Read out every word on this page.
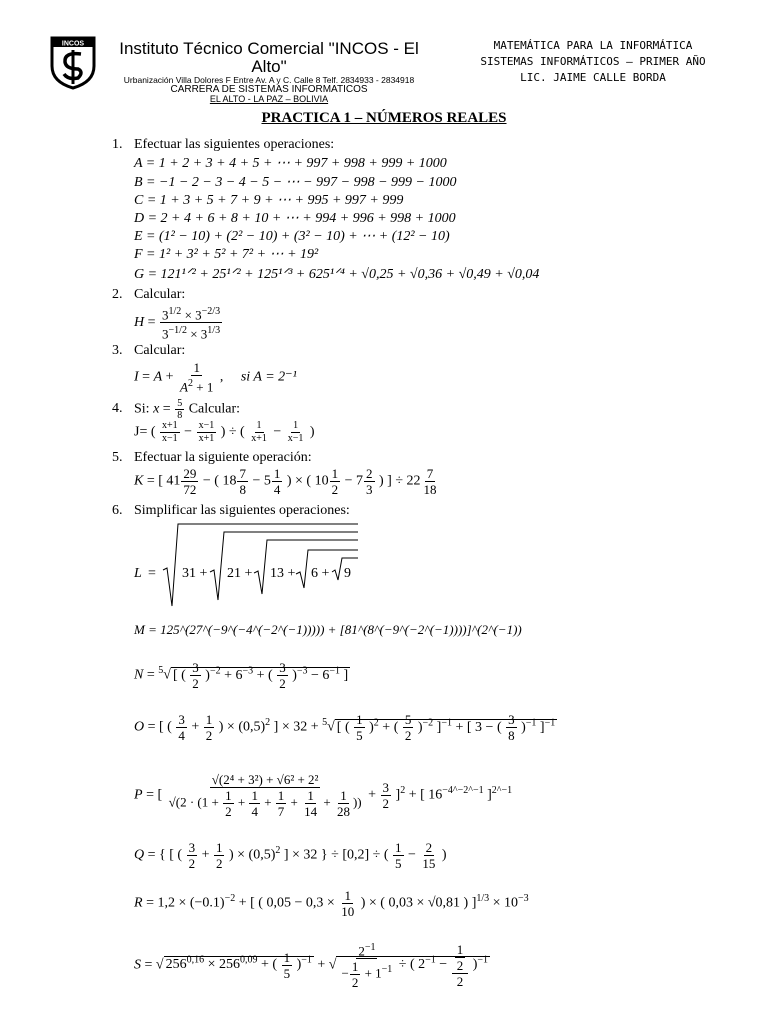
INCOS	Instituto Técnico Comercial "INCOS - El Alto"
Urbanización Villa Dolores F Entre Av. A y C. Calle 8 Telf. 2834933 - 2834918
CARRERA DE SISTEMAS INFORMATICOS
EL ALTO - LA PAZ – BOLIVIA
MATEMÁTICA PARA LA INFORMÁTICA
SISTEMAS INFORMÁTICOS – PRIMER AÑO
LIC. JAIME CALLE BORDA
PRACTICA 1 – NÚMEROS REALES
1. Efectuar las siguientes operaciones:
A = 1 + 2 + 3 + 4 + 5 + ⋯ + 997 + 998 + 999 + 1000
B = −1 − 2 − 3 − 4 − 5 − ⋯ − 997 − 998 − 999 − 1000
C = 1 + 3 + 5 + 7 + 9 + ⋯ + 995 + 997 + 999
D = 2 + 4 + 6 + 8 + 10 + ⋯ + 994 + 996 + 998 + 1000
E = (1² − 10) + (2² − 10) + (3² − 10) + ⋯ + (12² − 10)
F = 1² + 3² + 5² + 7² + ⋯ + 19²
G = 121¹ᐟ² + 25¹ᐟ² + 125¹ᐟ³ + 625¹ᐟ⁴ + √0,25 + √0,36 + √0,49 + √0,04
2. Calcular:
$H = \frac{3^{1/2} \times 3^{-2/3}}{3^{-1/2} \times 3^{1/3}}$
3. Calcular:
$I = A + \frac{1}{A^2 + 1}$ ,     si A = 2⁻¹
4. Si: $x = \frac{5}{8}$ Calcular:
J= ( $\frac{x+1}{x-1} - \frac{x-1}{x+1}$ ) ÷ ( $\frac{1}{x+1} - \frac{1}{x-1}$ )
5. Efectuar la siguiente operación:
K = [ $41 \frac{29}{72}$ − ( $18 \frac{7}{8} - 5 \frac{1}{4}$ ) × ( $10 \frac{1}{2} - 7 \frac{2}{3}$ ) ] ÷ $22 \frac{7}{18}$
6. Simplificar las siguientes operaciones:
L = 31 + 21 + 13 + 6 + 9
M = 125^(27^(−9^(−4^(−2^(−1))))) + [81^(8^(−9^(−2^(−1))))]^(2^(−1))
N = $^5$√ [ ( $\frac{3}{2} )^{-2} + 6^{-3}$ + ( $\frac{3}{2} )^{-3} - 6^{-1}$ ]
O = [ ( $\frac{3}{4} + \frac{1}{2}$ ) × $(0,5)^2$ ] × 32 + $^5$√ [ ( $\frac{1}{5} )^2$ + ( $\frac{5}{2} )^{-2}$ ]$^{-1}$ + [ 3 − ( $\frac{3}{8} )^{-1}$ ]$^{-1}$
P = [ $\frac{\text{√(2⁴ + 3²) + √6² + 2²}}{√(2 \cdot (1 + \frac{1}{2} + \frac{1}{4} + \frac{1}{7} + \frac{1}{14} + \frac{1}{28} ))} + \frac{3}{2} ]^2$ + [ $16^{-4\^{}-2\^{}-1}$ ]$^{2\^{}-1}$
Q = { [ ( $\frac{3}{2} + \frac{1}{2}$ ) × $(0,5)^2$ ] × 32 } ÷ [0,2] ÷ ( $\frac{1}{5} - \frac{2}{15}$ )
$R = 1,2 \times (-0.1)^{-2}$ + [ ( $0,05 - 0,3 \times \frac{1}{10}$ ) × ( 0,03 × √0,81 ) ]$^{1/3} \times 10^{-3}$
S = √ $256^{0,16} \times 256^{0,09}$ + ( $\frac{1}{5} )^{-1}$ + √ $\frac{2^{-1}}{- \frac{1}{2} + 1^{-1}}$ ÷ ( $2^{-1} - \frac{\frac{1}{2}}{2} )^{-1}$
